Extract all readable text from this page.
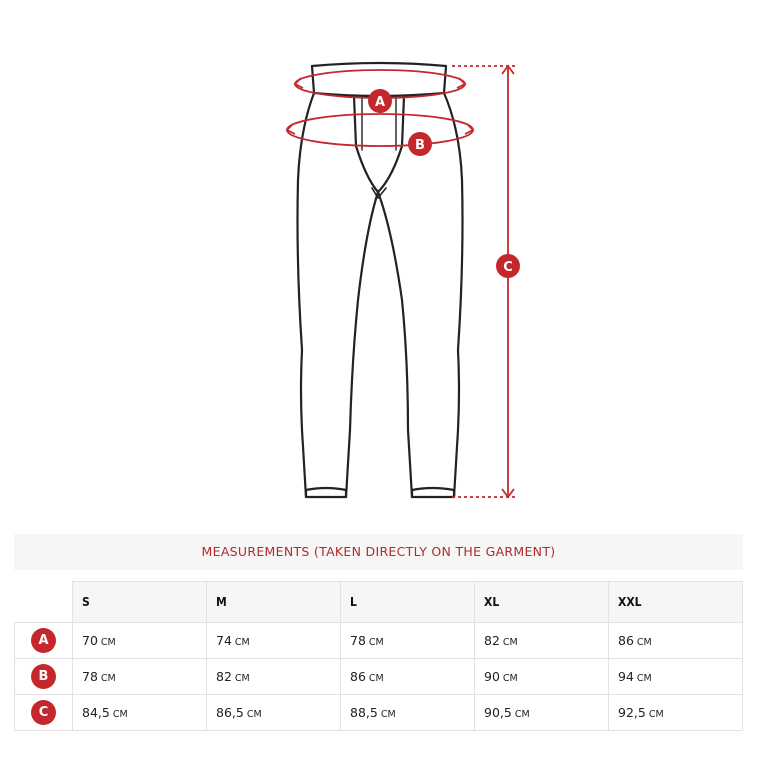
A
B
C
MEASUREMENTS (TAKEN DIRECTLY ON THE GARMENT)
	S	M	L	XL	XXL
A	70 CM	74 CM	78 CM	82 CM	86 CM
B	78 CM	82 CM	86 CM	90 CM	94 CM
C	84,5 CM	86,5 CM	88,5 CM	90,5 CM	92,5 CM
